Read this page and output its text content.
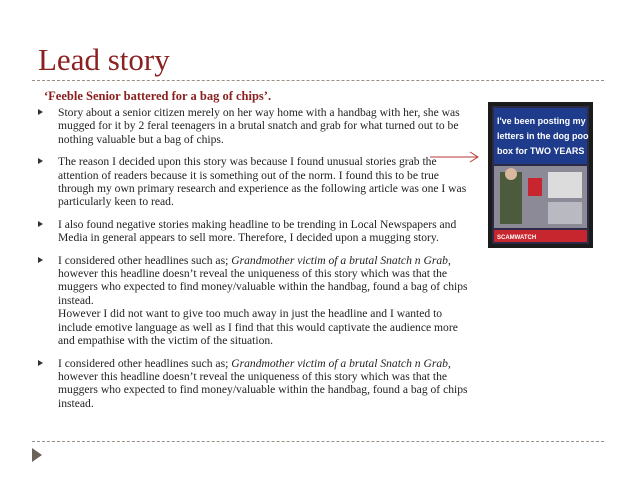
Lead story
‘Feeble Senior battered for a bag of chips’.
Story about a senior citizen merely on her way home with a handbag with her, she was mugged for it by 2 feral teenagers in a brutal snatch and grab for what turned out to be nothing valuable but a bag of chips.
The reason I decided upon this story was because I found unusual stories grab the attention of readers because it is something out of the norm. I found this to be true through my own primary research and experience as the following article was one I was particularly keen to read.
I also found negative stories making headline to be trending in Local Newspapers and Media in general appears to sell more. Therefore, I decided upon a mugging story.
I considered other headlines such as; Grandmother victim of a brutal Snatch n Grab, however this headline doesn’t reveal the uniqueness of this story which was that the muggers who expected to find money/valuable within the handbag, found a bag of chips instead.
However I did not want to give too much away in just the headline and I wanted to include emotive language as well as I find that this would captivate the audience more and empathise with the victim of the situation.
I considered other headlines such as; Grandmother victim of a brutal Snatch n Grab, however this headline doesn’t reveal the uniqueness of this story which was that the muggers who expected to find money/valuable within the handbag, found a bag of chips instead.
I've been posting my
letters in the dog poo
box for TWO YEARS
SCAMWATCH
